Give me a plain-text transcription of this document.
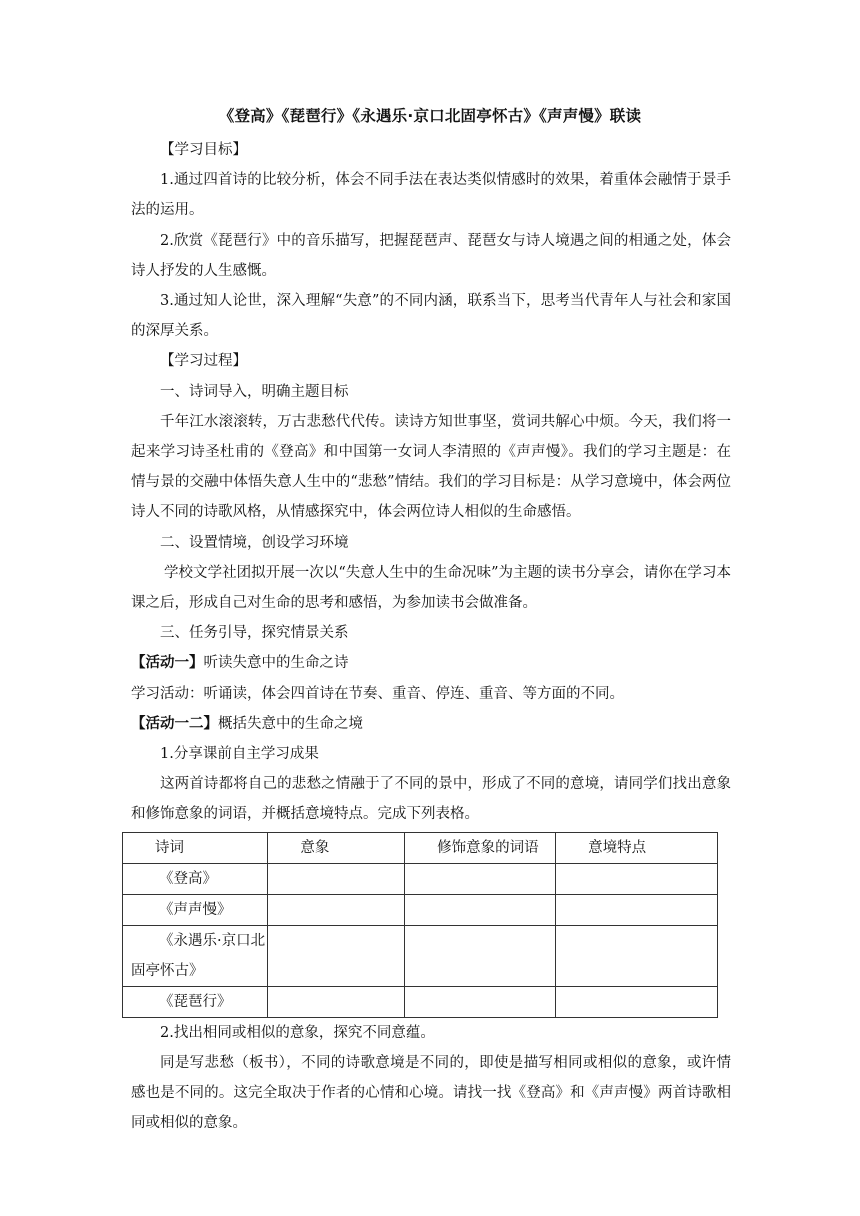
《登高》《琵琶行》《永遇乐·京口北固亭怀古》《声声慢》联读

【学习目标】

1.通过四首诗的比较分析，体会不同手法在表达类似情感时的效果，着重体会融情于景手法的运用。

2.欣赏《琵琶行》中的音乐描写，把握琵琶声、琵琶女与诗人境遇之间的相通之处，体会诗人抒发的人生感慨。

3.通过知人论世，深入理解“失意”的不同内涵，联系当下，思考当代青年人与社会和家国的深厚关系。

【学习过程】

一、诗词导入，明确主题目标

千年江水滚滚转，万古悲愁代代传。读诗方知世事坚，赏词共解心中烦。今天，我们将一起来学习诗圣杜甫的《登高》和中国第一女词人李清照的《声声慢》。我们的学习主题是：在情与景的交融中体悟失意人生中的“悲愁”情结。我们的学习目标是：从学习意境中，体会两位诗人不同的诗歌风格，从情感探究中，体会两位诗人相似的生命感悟。

二、设置情境，创设学习环境

学校文学社团拟开展一次以“失意人生中的生命况味”为主题的读书分享会，请你在学习本课之后，形成自己对生命的思考和感悟，为参加读书会做准备。

三、任务引导，探究情景关系

【活动一】听读失意中的生命之诗

学习活动：听诵读，体会四首诗在节奏、重音、停连、重音、等方面的不同。

【活动一二】概括失意中的生命之境

1.分享课前自主学习成果

这两首诗都将自己的悲愁之情融于了不同的景中，形成了不同的意境，请同学们找出意象和修饰意象的词语，并概括意境特点。完成下列表格。

诗词	意象	修饰意象的词语	意境特点
《登高》			
《声声慢》			
《永遇乐·京口北固亭怀古》			
《琵琶行》			

2.找出相同或相似的意象，探究不同意蕴。

同是写悲愁（板书），不同的诗歌意境是不同的，即使是描写相同或相似的意象，或许情感也是不同的。这完全取决于作者的心情和心境。请找一找《登高》和《声声慢》两首诗歌相同或相似的意象。
